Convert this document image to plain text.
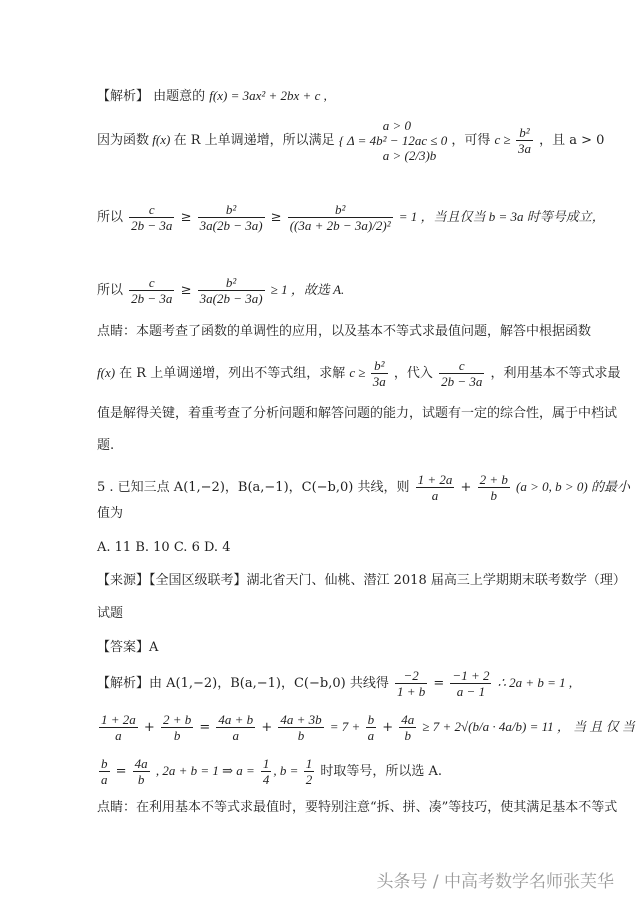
【解析】 由题意的 f(x) = 3ax² + 2bx + c ,
因为函数 f(x) 在 R 上单调递增，所以满足
a > 0
{ Δ = 4b² − 12ac ≤ 0
a > (2/3)b
，可得 $c \ge \frac{\text{b²}}{3a}$ ，且 a > 0
所以 $\frac{c}{2b - 3a} \ge \frac{\text{b²}}{3a(2b - 3a)} \ge \frac{\text{b²}}{\text{((3a + 2b − 3a)/2)²}} = 1$ ，当且仅当 b = 3a 时等号成立，
所以 $\frac{c}{2b - 3a} \ge \frac{\text{b²}}{3a(2b - 3a)} \ge 1$ ，故选 A.
点睛：本题考查了函数的单调性的应用，以及基本不等式求最值问题，解答中根据函数
f(x) 在 R 上单调递增，列出不等式组，求解 $c \ge \frac{\text{b²}}{3a}$ ，代入 $\frac{c}{2b - 3a}$ ，利用基本不等式求最
值是解得关键，着重考查了分析问题和解答问题的能力，试题有一定的综合性，属于中档试
题.
5 . 已知三点 A(1,−2)，B(a,−1)，C(−b,0) 共线，则 $\frac{1 + 2a}{a} + \frac{2 + b}{b} (a > 0$, b > 0) 的最小
值为
A. 11 B. 10 C. 6 D. 4
【来源】【全国区级联考】湖北省天门、仙桃、潜江 2018 届高三上学期期末联考数学（理）
试题
【答案】A
【解析】由 A(1,−2)，B(a,−1)，C(−b,0) 共线得 $\frac{-2}{1 + b} = \frac{-1 + 2}{a - 1}$ ∴ 2a + b = 1 ,
$\frac{1 + 2a}{a} + \frac{2 + b}{b} = \frac{4a + b}{a} + \frac{4a + 3b}{b} = 7 + \frac{b}{a} + \frac{4a}{b} \ge 7 + 2√(b/a \cdot 4a/b) = 11$ ， 当 且 仅 当
$\frac{b}{a} = \frac{4a}{b}$ , 2a + b = 1 ⇒ $a = \frac{1}{4}$ , $b = \frac{1}{2}$ 时取等号，所以选 A.
点睛：在利用基本不等式求最值时，要特别注意“拆、拼、凑”等技巧，使其满足基本不等式
头条号 / 中高考数学名师张芙华
